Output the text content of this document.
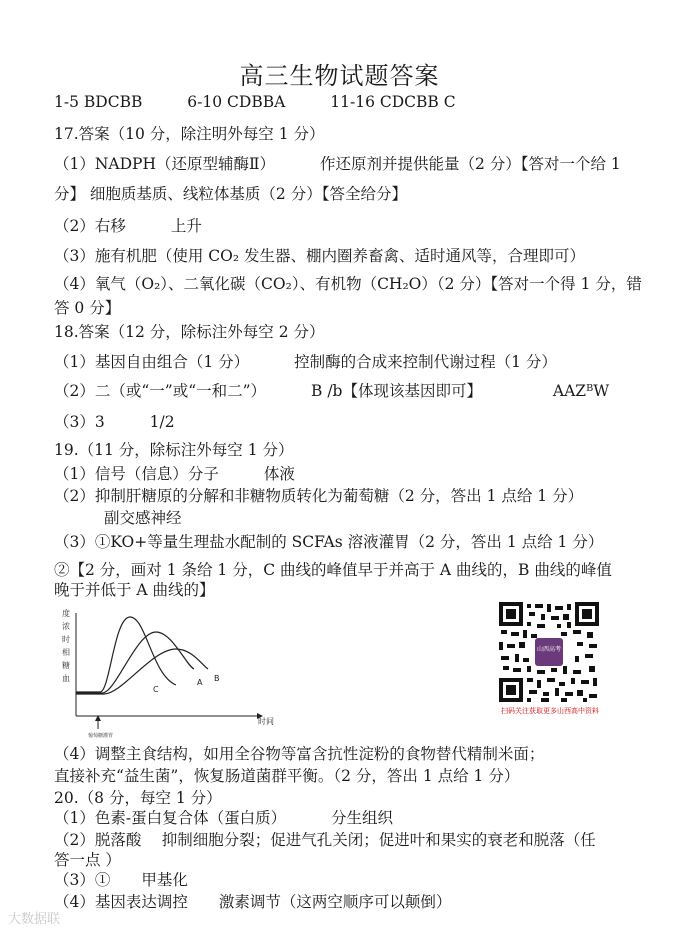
高三生物试题答案
1-5 BDCBB	6-10 CDBBA	11-16 CDCBB C
17.答案（10 分，除注明外每空 1 分）
（1）NADPH（还原型辅酶Ⅱ）	作还原剂并提供能量（2 分）【答对一个给 1
分】 细胞质基质、线粒体基质（2 分）【答全给分】
（2）右移	上升
（3）施有机肥（使用 CO₂ 发生器、棚内圈养畜禽、适时通风等，合理即可）
（4）氧气（O₂）、二氧化碳（CO₂）、有机物（CH₂O）（2 分）【答对一个得 1 分，错
答 0 分】
18.答案（12 分，除标注外每空 2 分）
（1）基因自由组合（1 分）	控制酶的合成来控制代谢过程（1 分）
（2）二（或“一”或“一和二”）	B /b【体现该基因即可】	AAZᴮW
（3）3	1/2
19.（11 分，除标注外每空 1 分）
（1）信号（信息）分子	体液
（2）抑制肝糖原的分解和非糖物质转化为葡萄糖（2 分，答出 1 点给 1 分）
副交感神经
（3）①KO+等量生理盐水配制的 SCFAs 溶液灌胃（2 分，答出 1 点给 1 分）
②【2 分，画对 1 条给 1 分，C 曲线的峰值早于并高于 A 曲线的，B 曲线的峰值
晚于并低于 A 曲线的】
度
浓
时
相
糖
血
时间
葡萄糖灌胃
C
A B
山西高考
扫码关注获取更多山西高中资料
（4）调整主食结构，如用全谷物等富含抗性淀粉的食物替代精制米面；
直接补充“益生菌”，恢复肠道菌群平衡。（2 分，答出 1 点给 1 分）
20.（8 分，每空 1 分）
（1）色素-蛋白复合体（蛋白质）	分生组织
（2）脱落酸　 抑制细胞分裂；促进气孔关闭；促进叶和果实的衰老和脱落（任
答一点 ）
（3）① 甲基化
（4）基因表达调控 激素调节（这两空顺序可以颠倒）
大数据联
